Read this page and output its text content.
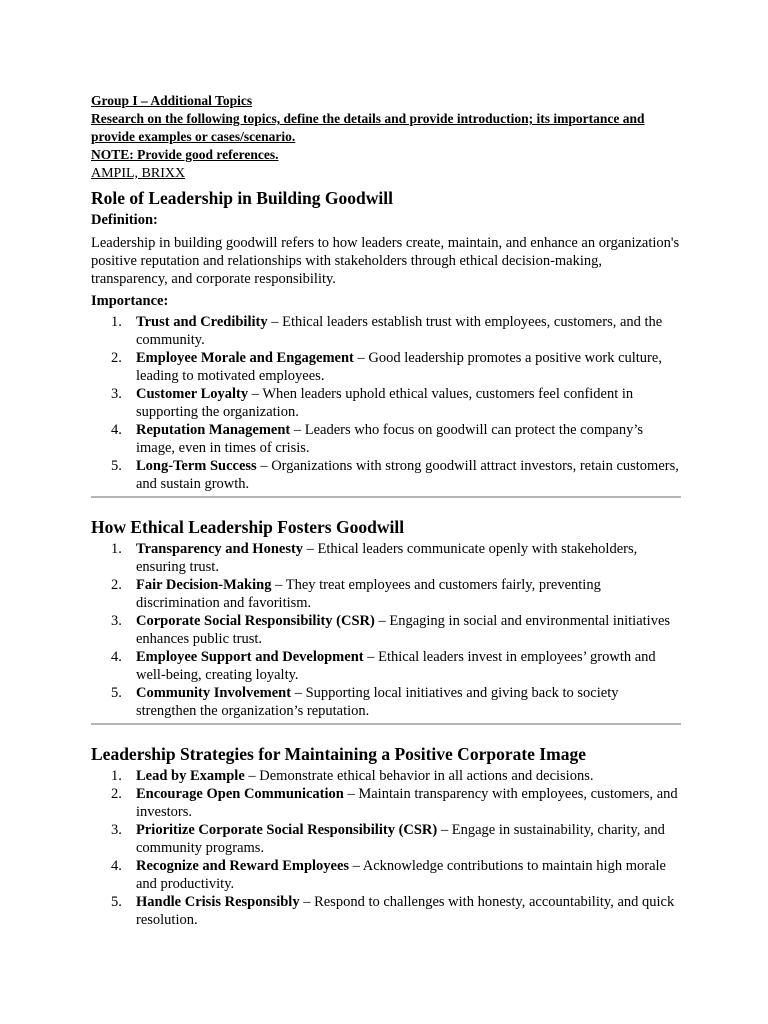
Group I – Additional Topics

Research on the following topics, define the details and provide introduction; its importance and provide examples or cases/scenario.

NOTE: Provide good references.

AMPIL, BRIXX

Role of Leadership in Building Goodwill

Definition:

Leadership in building goodwill refers to how leaders create, maintain, and enhance an organization's positive reputation and relationships with stakeholders through ethical decision-making, transparency, and corporate responsibility.

Importance:

1. Trust and Credibility – Ethical leaders establish trust with employees, customers, and the community.
2. Employee Morale and Engagement – Good leadership promotes a positive work culture, leading to motivated employees.
3. Customer Loyalty – When leaders uphold ethical values, customers feel confident in supporting the organization.
4. Reputation Management – Leaders who focus on goodwill can protect the company’s image, even in times of crisis.
5. Long-Term Success – Organizations with strong goodwill attract investors, retain customers, and sustain growth.
How Ethical Leadership Fosters Goodwill
1. Transparency and Honesty – Ethical leaders communicate openly with stakeholders, ensuring trust.
2. Fair Decision-Making – They treat employees and customers fairly, preventing discrimination and favoritism.
3. Corporate Social Responsibility (CSR) – Engaging in social and environmental initiatives enhances public trust.
4. Employee Support and Development – Ethical leaders invest in employees’ growth and well-being, creating loyalty.
5. Community Involvement – Supporting local initiatives and giving back to society strengthen the organization’s reputation.
Leadership Strategies for Maintaining a Positive Corporate Image
1. Lead by Example – Demonstrate ethical behavior in all actions and decisions.
2. Encourage Open Communication – Maintain transparency with employees, customers, and investors.
3. Prioritize Corporate Social Responsibility (CSR) – Engage in sustainability, charity, and community programs.
4. Recognize and Reward Employees – Acknowledge contributions to maintain high morale and productivity.
5. Handle Crisis Responsibly – Respond to challenges with honesty, accountability, and quick resolution.
